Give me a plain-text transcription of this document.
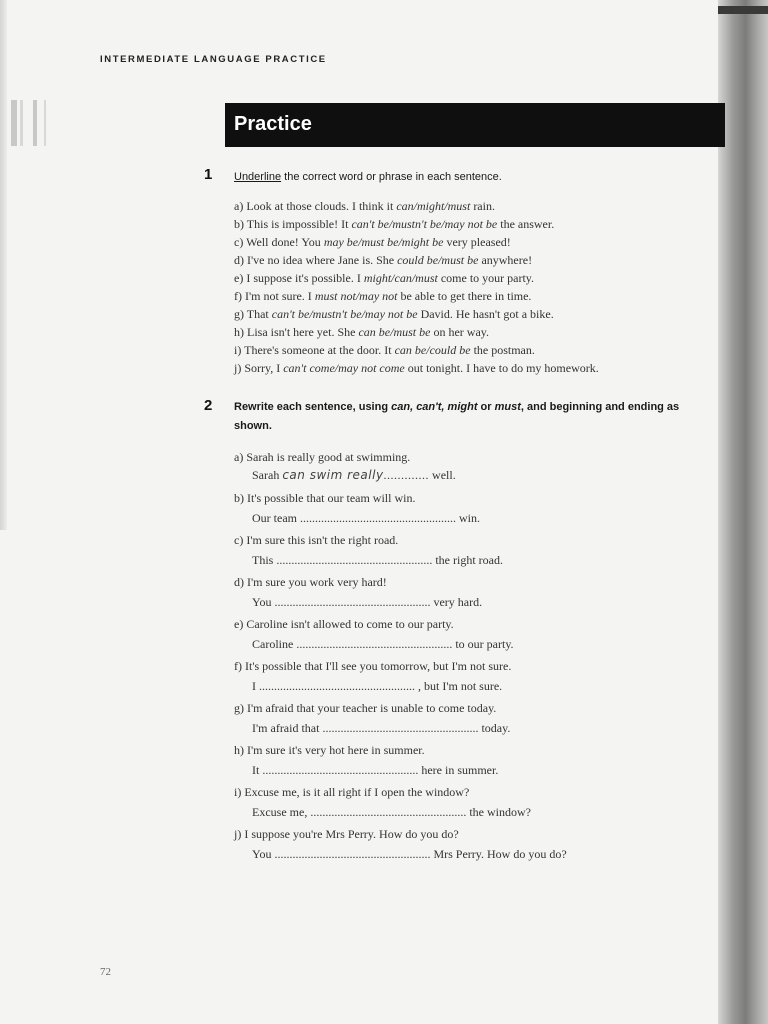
INTERMEDIATE LANGUAGE PRACTICE
Practice
1 Underline the correct word or phrase in each sentence.
a) Look at those clouds. I think it can/might/must rain.
b) This is impossible! It can't be/mustn't be/may not be the answer.
c) Well done! You may be/must be/might be very pleased!
d) I've no idea where Jane is. She could be/must be anywhere!
e) I suppose it's possible. I might/can/must come to your party.
f) I'm not sure. I must not/may not be able to get there in time.
g) That can't be/mustn't be/may not be David. He hasn't got a bike.
h) Lisa isn't here yet. She can be/must be on her way.
i) There's someone at the door. It can be/could be the postman.
j) Sorry, I can't come/may not come out tonight. I have to do my homework.
2 Rewrite each sentence, using can, can't, might or must, and beginning and ending as shown.
a) Sarah is really good at swimming.
Sarah can swim really............. well.
b) It's possible that our team will win.
Our team .................................................... win.
c) I'm sure this isn't the right road.
This .................................................... the right road.
d) I'm sure you work very hard!
You .................................................... very hard.
e) Caroline isn't allowed to come to our party.
Caroline .................................................... to our party.
f) It's possible that I'll see you tomorrow, but I'm not sure.
I .................................................... , but I'm not sure.
g) I'm afraid that your teacher is unable to come today.
I'm afraid that .................................................... today.
h) I'm sure it's very hot here in summer.
It .................................................... here in summer.
i) Excuse me, is it all right if I open the window?
Excuse me, .................................................... the window?
j) I suppose you're Mrs Perry. How do you do?
You .................................................... Mrs Perry. How do you do?
72
